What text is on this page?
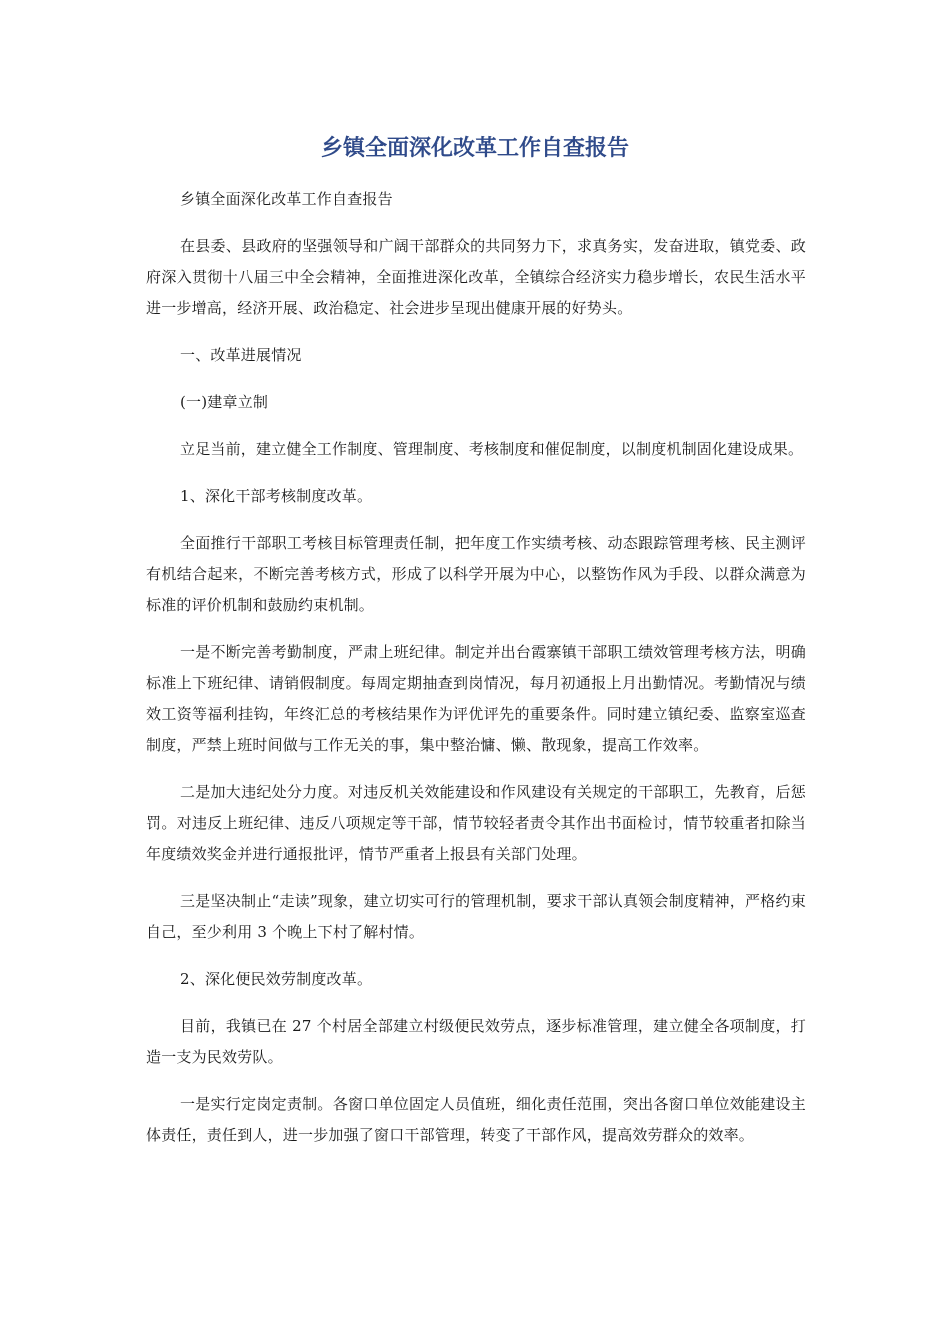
乡镇全面深化改革工作自查报告

乡镇全面深化改革工作自查报告

在县委、县政府的坚强领导和广阔干部群众的共同努力下，求真务实，发奋进取，镇党委、政府深入贯彻十八届三中全会精神，全面推进深化改革，全镇综合经济实力稳步增长，农民生活水平进一步增高，经济开展、政治稳定、社会进步呈现出健康开展的好势头。

一、改革进展情况

(一)建章立制

立足当前，建立健全工作制度、管理制度、考核制度和催促制度，以制度机制固化建设成果。

1、深化干部考核制度改革。

全面推行干部职工考核目标管理责任制，把年度工作实绩考核、动态跟踪管理考核、民主测评有机结合起来，不断完善考核方式，形成了以科学开展为中心，以整饬作风为手段、以群众满意为标准的评价机制和鼓励约束机制。

一是不断完善考勤制度，严肃上班纪律。制定并出台霞寨镇干部职工绩效管理考核方法，明确标准上下班纪律、请销假制度。每周定期抽查到岗情况，每月初通报上月出勤情况。考勤情况与绩效工资等福利挂钩，年终汇总的考核结果作为评优评先的重要条件。同时建立镇纪委、监察室巡查制度，严禁上班时间做与工作无关的事，集中整治慵、懒、散现象，提高工作效率。

二是加大违纪处分力度。对违反机关效能建设和作风建设有关规定的干部职工，先教育，后惩罚。对违反上班纪律、违反八项规定等干部，情节较轻者责令其作出书面检讨，情节较重者扣除当年度绩效奖金并进行通报批评，情节严重者上报县有关部门处理。

三是坚决制止“走读”现象，建立切实可行的管理机制，要求干部认真领会制度精神，严格约束自己，至少利用 3 个晚上下村了解村情。

2、深化便民效劳制度改革。

目前，我镇已在 27 个村居全部建立村级便民效劳点，逐步标准管理，建立健全各项制度，打造一支为民效劳队。

一是实行定岗定责制。各窗口单位固定人员值班，细化责任范围，突出各窗口单位效能建设主体责任，责任到人，进一步加强了窗口干部管理，转变了干部作风，提高效劳群众的效率。
